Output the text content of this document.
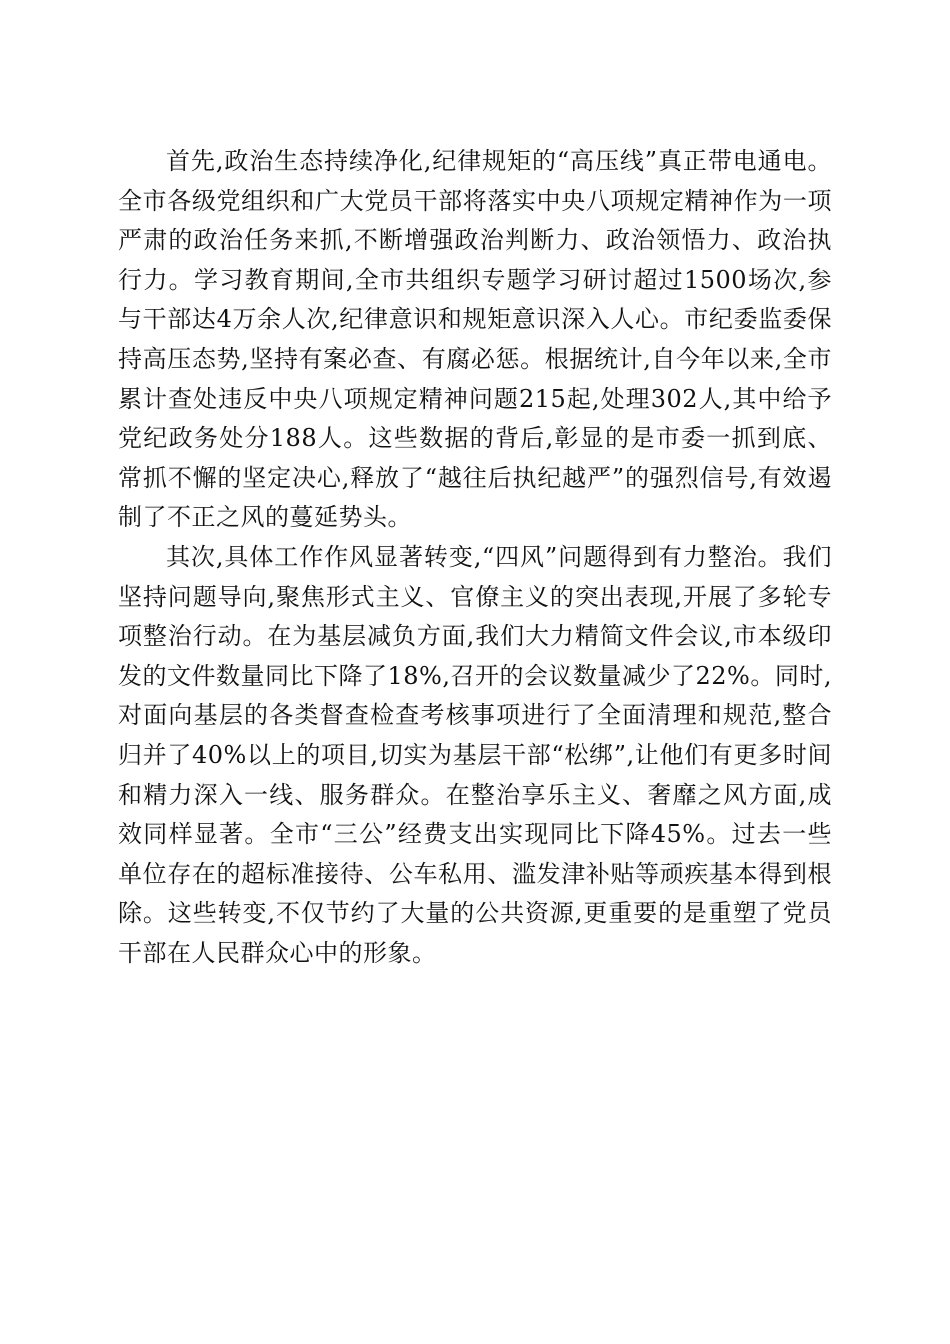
首先,政治生态持续净化,纪律规矩的“高压线”真正带电通电。全市各级党组织和广大党员干部将落实中央八项规定精神作为一项严肃的政治任务来抓,不断增强政治判断力、政治领悟力、政治执行力。学习教育期间,全市共组织专题学习研讨超过1500场次,参与干部达4万余人次,纪律意识和规矩意识深入人心。市纪委监委保持高压态势,坚持有案必查、有腐必惩。根据统计,自今年以来,全市累计查处违反中央八项规定精神问题215起,处理302人,其中给予党纪政务处分188人。这些数据的背后,彰显的是市委一抓到底、常抓不懈的坚定决心,释放了“越往后执纪越严”的强烈信号,有效遏制了不正之风的蔓延势头。

其次,具体工作作风显著转变,“四风”问题得到有力整治。我们坚持问题导向,聚焦形式主义、官僚主义的突出表现,开展了多轮专项整治行动。在为基层减负方面,我们大力精简文件会议,市本级印发的文件数量同比下降了18%,召开的会议数量减少了22%。同时,对面向基层的各类督查检查考核事项进行了全面清理和规范,整合归并了40%以上的项目,切实为基层干部“松绑”,让他们有更多时间和精力深入一线、服务群众。在整治享乐主义、奢靡之风方面,成效同样显著。全市“三公”经费支出实现同比下降45%。过去一些单位存在的超标准接待、公车私用、滥发津补贴等顽疾基本得到根除。这些转变,不仅节约了大量的公共资源,更重要的是重塑了党员干部在人民群众心中的形象。
